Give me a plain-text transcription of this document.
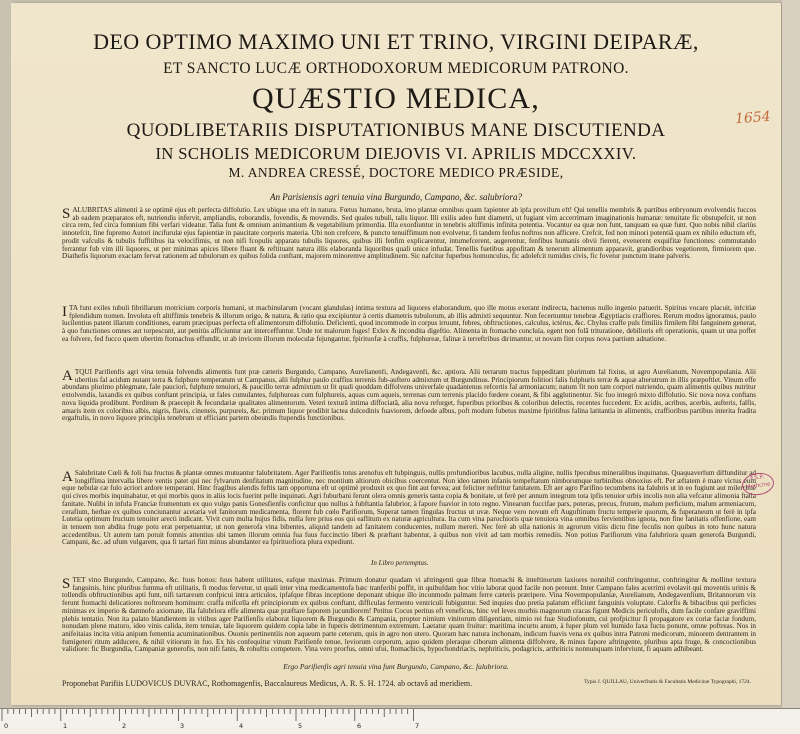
DEO OPTIMO MAXIMO UNI ET TRINO, VIRGINI DEIPARÆ,
ET SANCTO LUCÆ ORTHODOXORUM MEDICORUM PATRONO.
QUÆSTIO MEDICA,
QUODLIBETARIIS DISPUTATIONIBUS MANE DISCUTIENDA
IN SCHOLIS MEDICORUM DIEJOVIS VI. APRILIS MDCCXXIV.
M. ANDREA CRESSÉ, DOCTORE MEDICO PRÆSIDE,
An Parisiensis agri tenuia vina Burgundo, Campano, &c. salubriora?
SALUBRITAS alimenti à se optimè ejus eft perfecta diffolutio. Lex ubique una eft in natura. Fœtus humano, bruta, imo plantæ omnibus quam fapienter ab ipfa provifum eft! Qui tenellis membris & partibus enbryonum evolvendis fuccos ab eadem præparatos eft, nutriendis infervit, ampliandis, roborandis, fovendis, & movendis. Sed quales tubuli, talis liquor. Illi exilis adeo funt diametri, ut fugiant vim accerrimam imaginationis humanæ: tenuitate fic obstupefcit, ut non circa rem, fed circa fomnium fibi verfari videatur. Talia funt & omnium animantium & vegetabilium primordia. Illa exordiuntur in tenebris altiffimis infinita potentia. Vocantur ea quæ non funt, tanquam ea quæ funt. Quo nobis nihil clariùs innotefcit, fine fupremo Autori incifurulæ ejus fapientiæ in paucitate corporis materia. Ubi non crefcere, & puncto tenuiffimum non evolvetur, fi tandem fenfus noftros non afficere. Crefcit, fed non minori potentiâ quam ex nihilo eductum eft, prodit vafculis & tubulis fuffitibus ita velocifimis, ut non nifi fcopulis apparatu tubulis liquores, quibus illi fenfim explicarentur, intumefcerent, augerentur, fenfibus humanis obvii fierent, evenerent exquifitæ functiones: commutando ferrantur fub vim illi liquores, ut per minimas apices libere fluant & reftituant natura illis elaboranda liquoribus quali unice infudat. Tenellis fuetibus appofitam & tenerum alimentum apparavit, grandioribus vegetiorem, firmiorem que. Diathefis liquorum exactam fervat rationem ad tubulorum ex quibus folida conftant, majorem minoremve amplitudinem. Sic nafcitur fuperbus homunculus, fic adolefcit tumidus civis, fic fovetur punctum inane palveris.
ITA funt exiles tubuli fibrillarum motricium corporis humani, ut machinularum (vocant glandulas) intima textura ad liquores elaborandum, quo ille motus exerant indirecta, hactenus nullo ingenio patuerit. Spiritus vocare placuit, infcitiæ fplendidum nomen. Involuta eft altiffimis tenebris & illorum origo, & natura, & ratio qua excipiuntur à certis diametris tubulorum, ab illis admixti sequuntur. Non fecernuntur tenebræ Ægyptiacis craffiores. Rerum modos ignoramus, paulo lucilentius patent illarum conditiones, earum præcipuas perfecta eft alimentorum diffolutio. Deficienti, quod incommode in corpus irruunt, febres, obftructiones, calculus, ictérus, &c. Chylus craffe puls fimiliis fimilem fibi fanguinem generat, à quo functiones omnes aut torpescunt, aut penitùs afficiuntur aut interceffuntur. Unde tot malorum fuges! Exlex & incondita digeftio. Alimenta in ftomacho concluía, egent non folâ trituratione, debilioris eft operationis, quam ut una poffet ea folvere, fed fucco quem ubertim ftomachus effundit, ut ab invicem illorum moleculæ fejungantur, fpirituofæ à craffis, fulphureæ, falinæ à terreftribus dirimantur, ut novam fint corpus nova partium adnatione.
ATQUI Parifienfis agri vina tenuia folvendis alimentis funt præ cæteris Burgundo, Campano, Aurelianenfi, Andegavenfi, &c. aptiora. Alii terrarum tractus fuppeditant plurimum fal fixius, ut agro Aurelianum, Novempopulania. Alii ubertius fal acidum nutant terra & fulphure temperatum ut Campanus, alii fulphur paulo craffius terrenis fub-auftero admixtum ut Burgundinus. Principiorum folitiori falis fulphuris terræ & aquæ alterutrum in illis præpoftlet. Vinum effe abundans plurimo phlegmate, fale pauciori, fulphure tenuiori, & paucillo terræ admixtum ut fit quali quoddam diffolvens univerfale quadantenus refcertis fal armoniacum; natum fit non tam corpori nutriendo, quam alimentis quibus nutritur extolvendis, laxandis ex quibus conftant principia, ut fales cumulantes, fulphureas cum fulphureis, aquas cum aqueis, terrenas cum terrenis placido fœdere coeant, & fibi agglutinentur. Sic fuo integrò mixto diffolutio. Sic nova nova conftans nova liquida prodibunt. Perditum & praecepit & fecundariæ qualitates alimentorum. Veteri textură intima diffociată, alia nova refurget, fuperibus prioribus & coloribus delectis, recentes fuccedent. Ex acidis, acribus, acerbis, aufteris, falfis, amaris item ex coloribus albis, nigris, flavis, cineneis, purpureis, &c. primum liquor prodibit lactea dulcedinis fuaviorem, defoede albus, poft modum fubetus maxime fpiritibus falina latitantia in alimentis, craffioribus partibus interita fradita ergaftulis, in novo liquore principiis tenebrum ut efficiant partem obeundis ftupendis functionibus.
A Salubritate Cœli & foli fua fructus & plantæ omnes mutuantur falubritatem. Ager Parifienfis totus arenofus eft fubpinguis, nullis profundioribus lacubus, nulla aligine, nullis fpecubus mineralibus inquinatus. Quaquaverfum diffunditur ad longiffima intervalla libere ventis patet qui nec fylvarum denfitatum magnitudine, nec montium altiorum obicibus coercentur. Non ideo tamen infanis tempeftatum nimborumque turbinibus obnoxius eft. Per æftatem è mare victus eum eque nebulæ cæ fulo acriori ardore temperant. Hinc fragibus alendis feftis tam opportuna eft ut optimè produxit ex quo fint aut fœvea; aut feliciter neftritur fanitatem. Eft aer agro Parifino tecumbens ita falubris ut in eo fugiunt aut milerrimè qui cives morbis inquinabatur, et qui morbis quos in aliis locis fuerint pelle inquinati. Agri fuburbani ferunt olera omnis generis tanta copia & bonitate, ut ferè per annum integrum tota ipfis tenuior urbis incolis non alia vefcatur alimonia ftatia fanitate. Nulibi in infula Franciæ frumentum ex quo vulgo panis Gonesfienfis conficitur quo nullus à fubftantia falubrior, à fapore fuavior in toto regno. Vinearum fuccifae pars, poteras, precus, frutum, malum perficium, malum armeniacum, cerafium, herbae ex quibus conciunantur acetaria vel fanitorum medicamenta, florent fub cœlo Parifiorum, Superat tamen fingulas fructus ut uvæ. Neque vero novum eft Auguftinum fructu temperie quorum, & fuperaneum ut ferè in ipfa Lutetia optimum fructum tenuiter arecti indicant. Vivit cum multa hujus fidis, nulla fere prius eos qui eaflitum ex naturæ agricultura. Ita cum vina parochioris quæ tenuiora vina omnibus fervientibus ignota, non fine fanitatis offenfione, eam in tenuem non abdita fruge potu erat perpetuantur, ut non generofa vina bibentes, aliquid tandem ad fanitatem conducentes, nullum mereri. Nec ferè ab ulla nationis in agrorum vitiis dictu fine feculis non quibus in toto hunc natura accedentibus. Ut autem tam potuit fomnis attentius ubi tamen illorum omnia fua fuus fuccinctio liberi & præftant habentur, à quibus non vivit ad tam morbis remediis. Non potius Parifiorum vina falubriora quam generofa Burgundi, Campani, &c. ad ufum vulgarem, qua fi tartari fint minus abundanter ea fpirituofiora plura expediunt.
In Libro pertemptus.
STET vino Burgundo, Campano, &c. fuus honos: fuus habent utilitates, eafque maximas. Primum donatur quadam vi aftringenti quæ fibræ ftomachi & inteftinorum laxiores nonnihil conftringuntur, conftringitur & molliter textura fanguinis, hinc pluribus fumma eft utilitatis, fi modus fervetur, ut quali inter vina medicamentofa hæc tranferibi poffit, in quibufdam hoc vitio laborat quod facile non pereunt. Inter Campano fales acerrimi evolavit qui moventis urinis & tollendis obftructionibus apti funt, nifi tartareum confpicui intra articulos, ipfafque fibras inceptione deponant ubique illo inconmodo palmam ferre cæteris præripere. Vina Novempopulaniæ, Aurelianum, Andegavenfium, Britannorum vix ferunt ftomachi delicatiores noftrorum hominum: craffa mifcella eft principiorum ex quibus conftant, difficulas fermento ventriculi fubiguntur. Sed inquies duo pretia palatum efficiunt fanguinis voluptate. Calorfis & bibacibus qui perficies minimas ex imperio & damnofo axiomate, illa falubriora effe alimenta quæ præftare faporem jucundiorem! Petitus Cocus peritus eft veneficus, hinc vel leves morbis magnorum cracas figunt Medicis periculofis, dum facile confare graviffimi plebis tentatio. Non ita palato blandientem in vitibus ager Parifienfis elaborat liquorem & Burgundo & Campania, propter nimium vinitorum diligentiam, nimio rei fuæ Studiofonum, cui profpicitur fi propagatore ex coriæ faciæ fondum, nonudam plene maturo, ideo vinis calida, item tenuiæ, tale liquorem quidem copia labe in fuperis detrimentum extremum. Laetatur quam fruitur: maritima incurtu anum, à fuper plum vel humido faxa fuctu ponunt, omne poftreas. Nos in anifeitaias incita vitia anipum fementia acuminationibus. Ouonis pertinentiis non aqueum parte ceterum, quis in agro non utero. Quoram hæc natura inchonam, indicum fuavis vena ex quibus intra Patroni medicorum, minorem dentrantem in fumigeteri ritum adducere, & nihil vitiorum in fuo. Ex his confequitur vinum Parifienfe tenue, leviorum corporum, aquo quidem pleraque ciborum alimenta diffolvere, & minus fapore aftringente, pluribus apta fruge, & concoctionibus validiore: fic Burgundia, Campaniæ generofis, non nifi fanis, & robuftis competere. Vina vero prorfus, omni ufui, ftomachicis, hypochondriacis, nephriticis, podagricis, arthriticis nonnunquam inferviunt, fi aquam adhibeant.
Ergo Parifienfis agri tenuia vina funt Burgundo, Campano, &c. falubriora.
Proponebat Parifiis LUDOVICUS DUVRAC, Rothomagenfis, Baccalaureus Medicus, A. R. S. H. 1724. ab octavâ ad meridiem.	Typis J. QUILLAU, Univerfitatis & Facultatis Medicinæ Typographi, 1724.
F.S.P.
Medicine
1654
0	1	2	3	4	5	6	7
